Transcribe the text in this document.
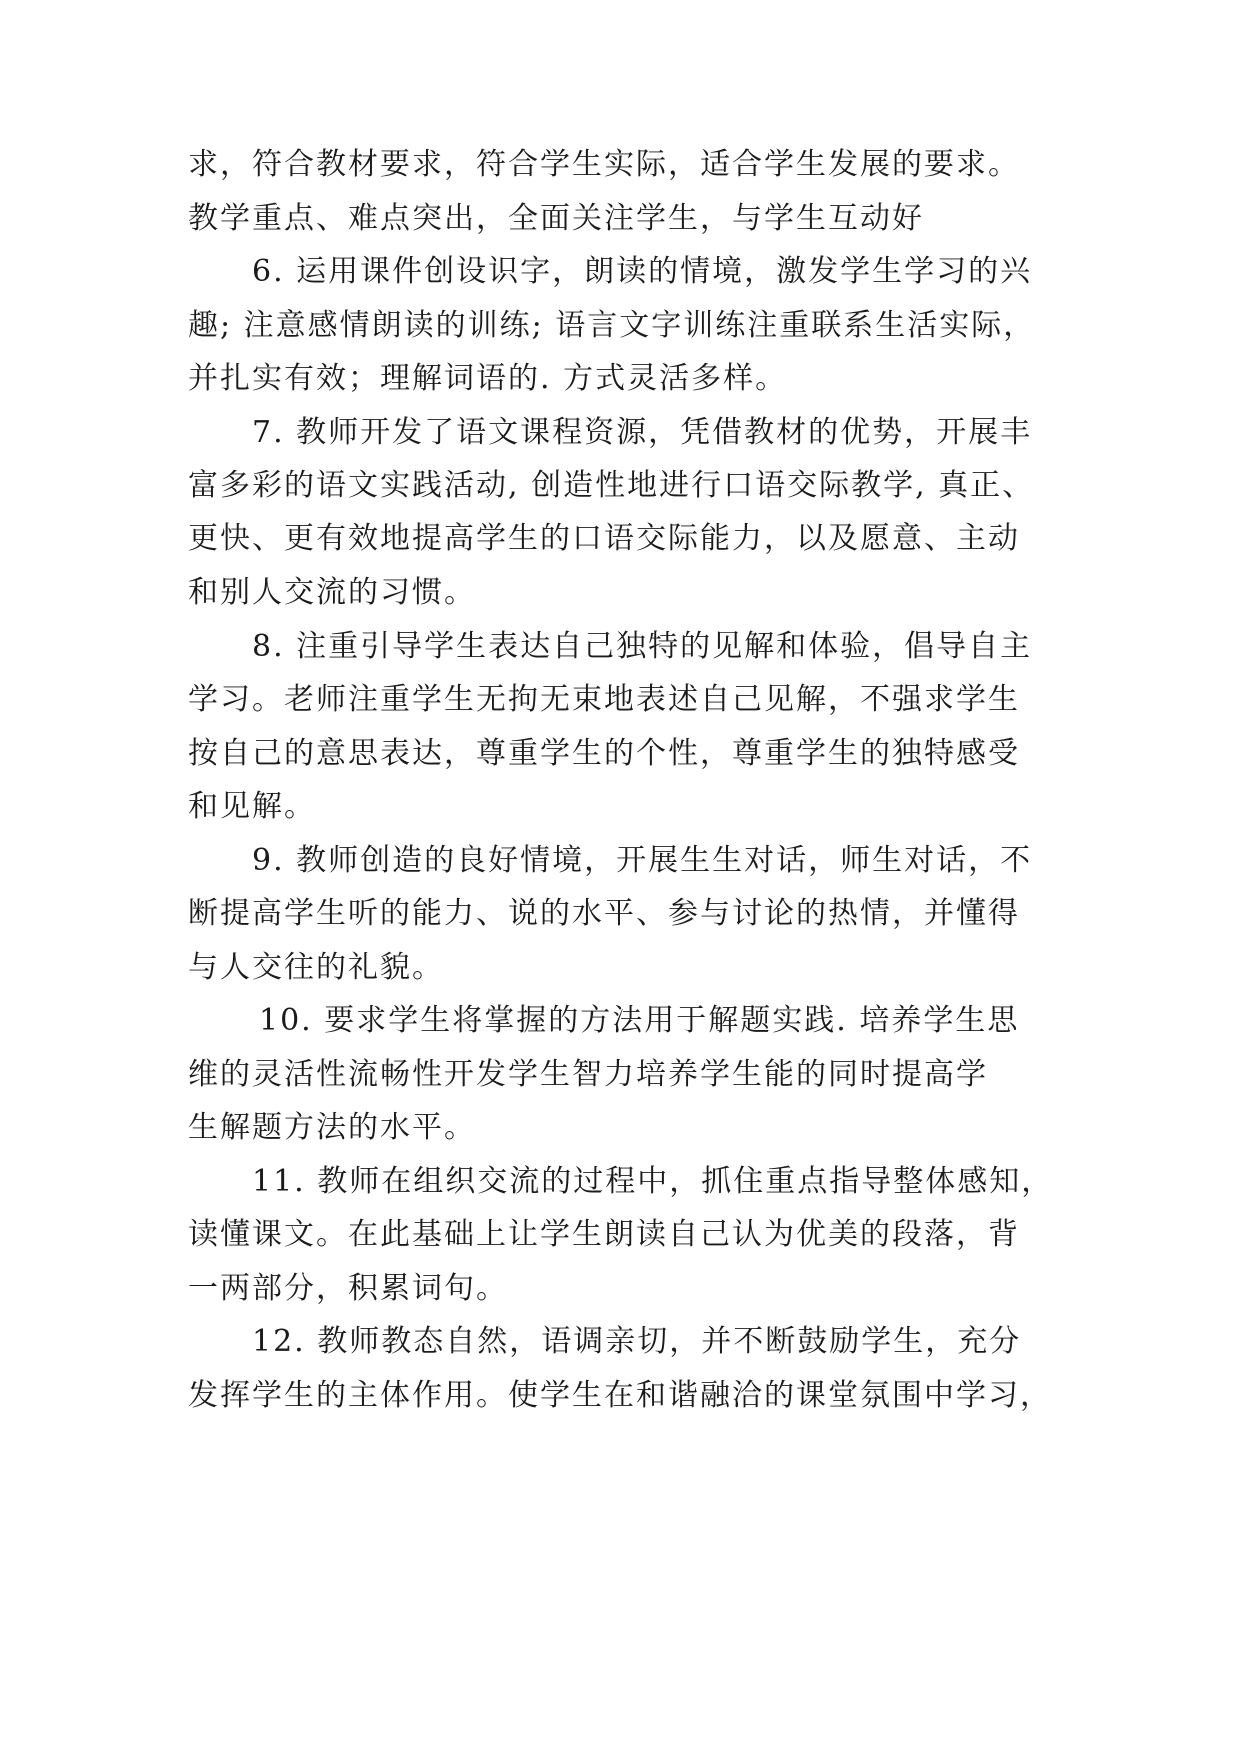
求，符合教材要求，符合学生实际，适合学生发展的要求。
教学重点、难点突出，全面关注学生，与学生互动好
6. 运用课件创设识字，朗读的情境，激发学生学习的兴
趣; 注意感情朗读的训练; 语言文字训练注重联系生活实际，
并扎实有效；理解词语的. 方式灵活多样。
7. 教师开发了语文课程资源，凭借教材的优势，开展丰
富多彩的语文实践活动, 创造性地进行口语交际教学, 真正、
更快、更有效地提高学生的口语交际能力，以及愿意、主动
和别人交流的习惯。
8. 注重引导学生表达自己独特的见解和体验，倡导自主
学习。老师注重学生无拘无束地表述自己见解，不强求学生
按自己的意思表达，尊重学生的个性，尊重学生的独特感受
和见解。
9. 教师创造的良好情境，开展生生对话，师生对话，不
断提高学生听的能力、说的水平、参与讨论的热情，并懂得
与人交往的礼貌。
10. 要求学生将掌握的方法用于解题实践. 培养学生思
维的灵活性流畅性开发学生智力培养学生能的同时提高学
生解题方法的水平。
11. 教师在组织交流的过程中，抓住重点指导整体感知，
读懂课文。在此基础上让学生朗读自己认为优美的段落，背
一两部分，积累词句。
12. 教师教态自然，语调亲切，并不断鼓励学生，充分
发挥学生的主体作用。使学生在和谐融洽的课堂氛围中学习，
